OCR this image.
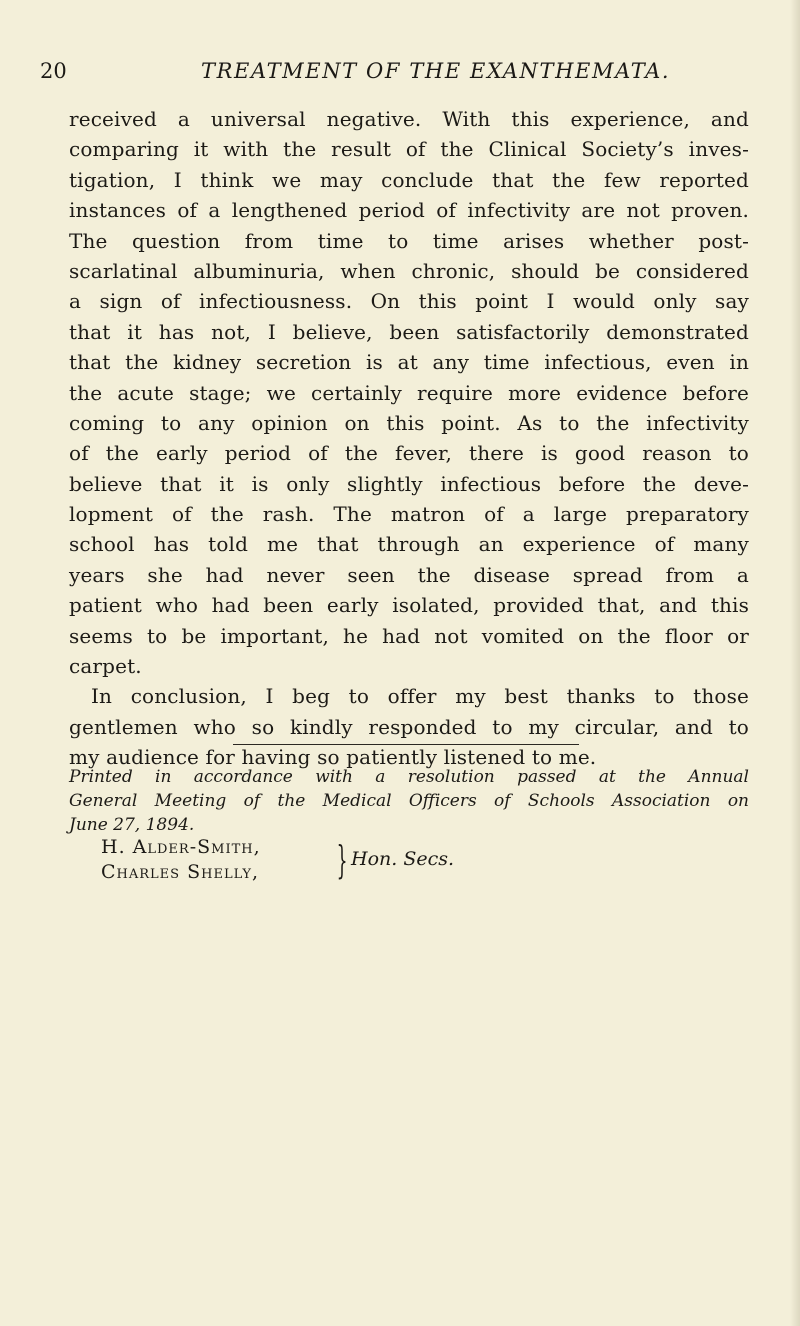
20	TREATMENT OF THE EXANTHEMATA.
received a universal negative. With this experience, and
comparing it with the result of the Clinical Society’s inves-
tigation, I think we may conclude that the few reported
instances of a lengthened period of infectivity are not proven.
The question from time to time arises whether post-
scarlatinal albuminuria, when chronic, should be considered
a sign of infectiousness. On this point I would only say
that it has not, I believe, been satisfactorily demonstrated
that the kidney secretion is at any time infectious, even in
the acute stage; we certainly require more evidence before
coming to any opinion on this point. As to the infectivity
of the early period of the fever, there is good reason to
believe that it is only slightly infectious before the deve-
lopment of the rash. The matron of a large preparatory
school has told me that through an experience of many
years she had never seen the disease spread from a
patient who had been early isolated, provided that, and this
seems to be important, he had not vomited on the floor or
carpet.
In conclusion, I beg to offer my best thanks to those
gentlemen who so kindly responded to my circular, and to
my audience for having so patiently listened to me.
Printed in accordance with a resolution passed at the Annual
General Meeting of the Medical Officers of Schools Association on
June 27, 1894.
H. Alder-Smith,
Charles Shelly, } Hon. Secs.
